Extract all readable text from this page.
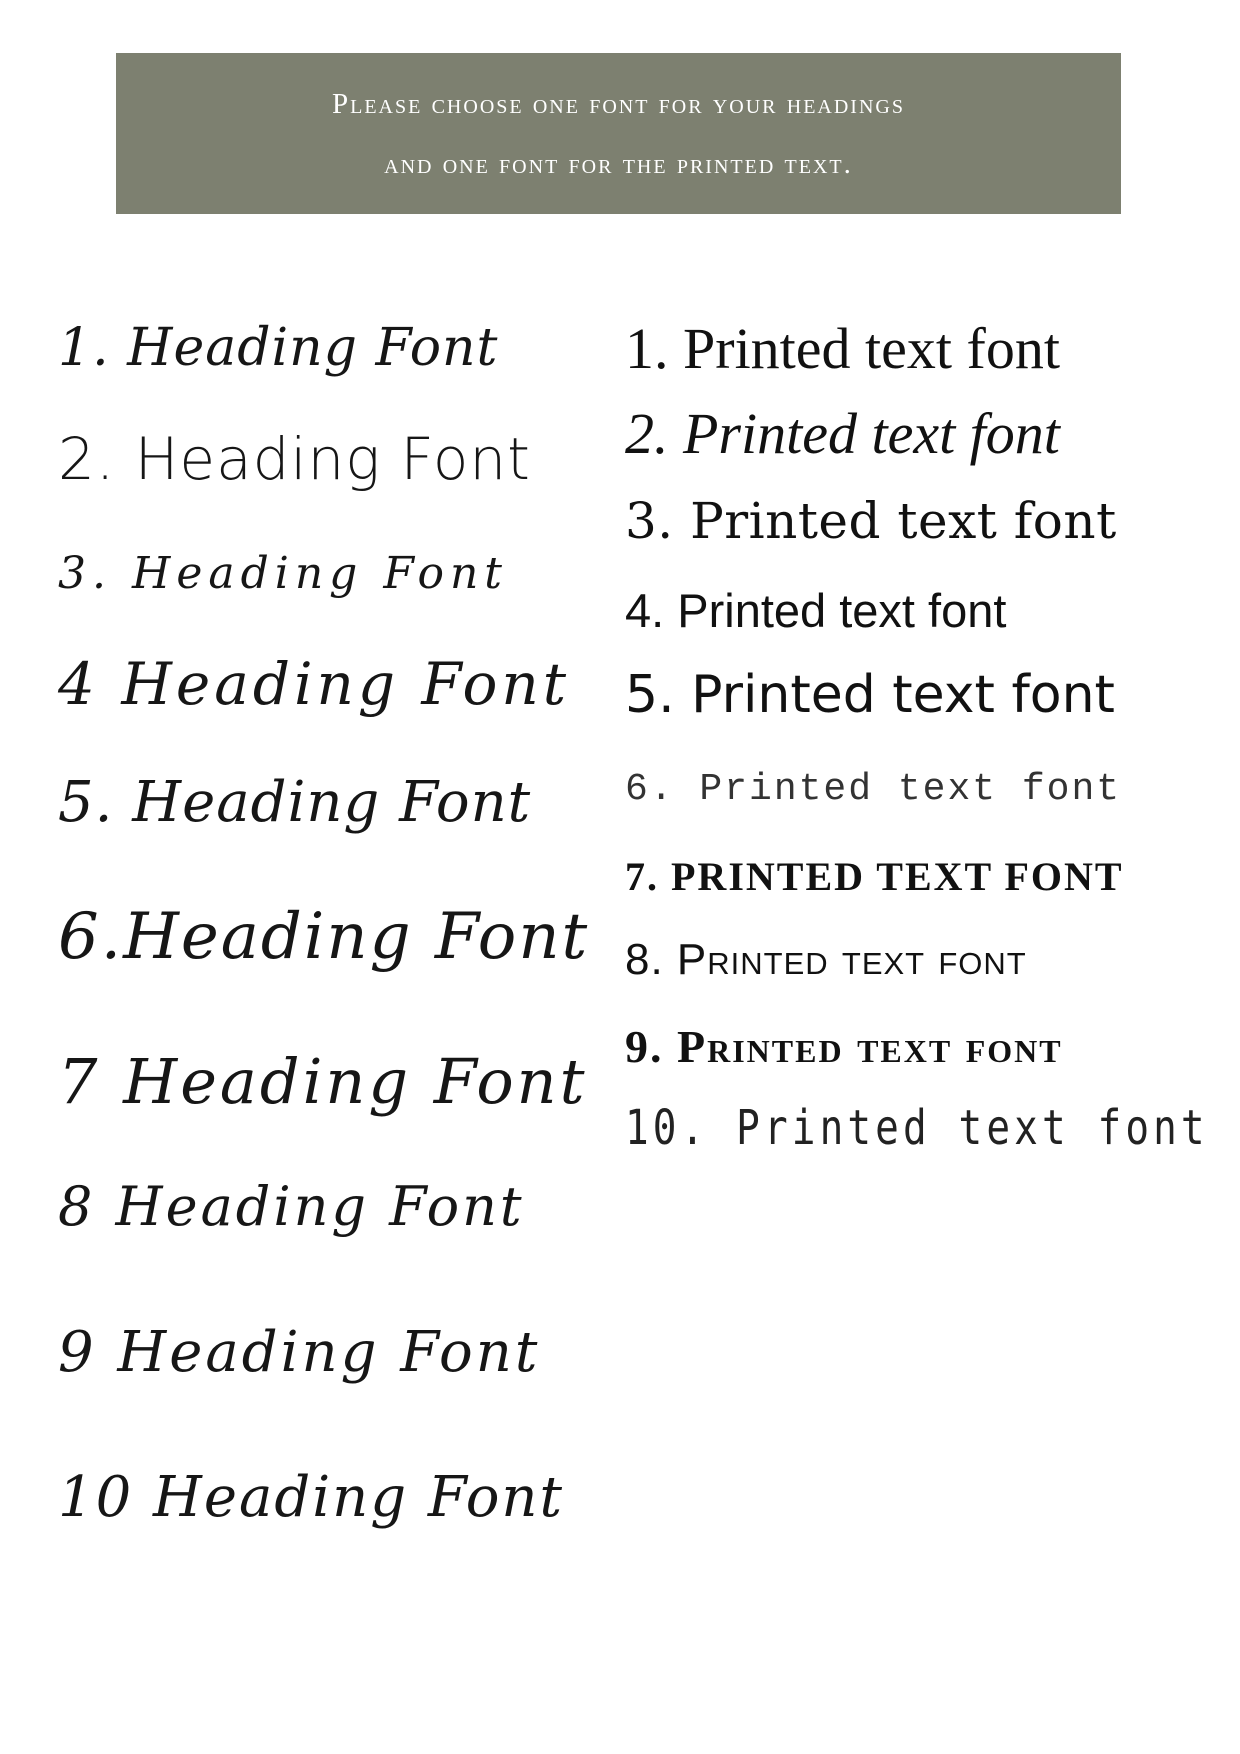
Please choose one font for your headings
and one font for the printed text.
1. Heading Font
2. Heading Font
3. Heading Font
4 Heading Font
5. Heading Font
6.Heading Font
7 Heading Font
8 Heading Font
9 Heading Font
10 Heading Font
1. Printed text font
2. Printed text font
3. Printed text font
4. Printed text font
5. Printed text font
6. Printed text font
7. PRINTED TEXT FONT
8. Printed text font
9. Printed text font
10. Printed text font
